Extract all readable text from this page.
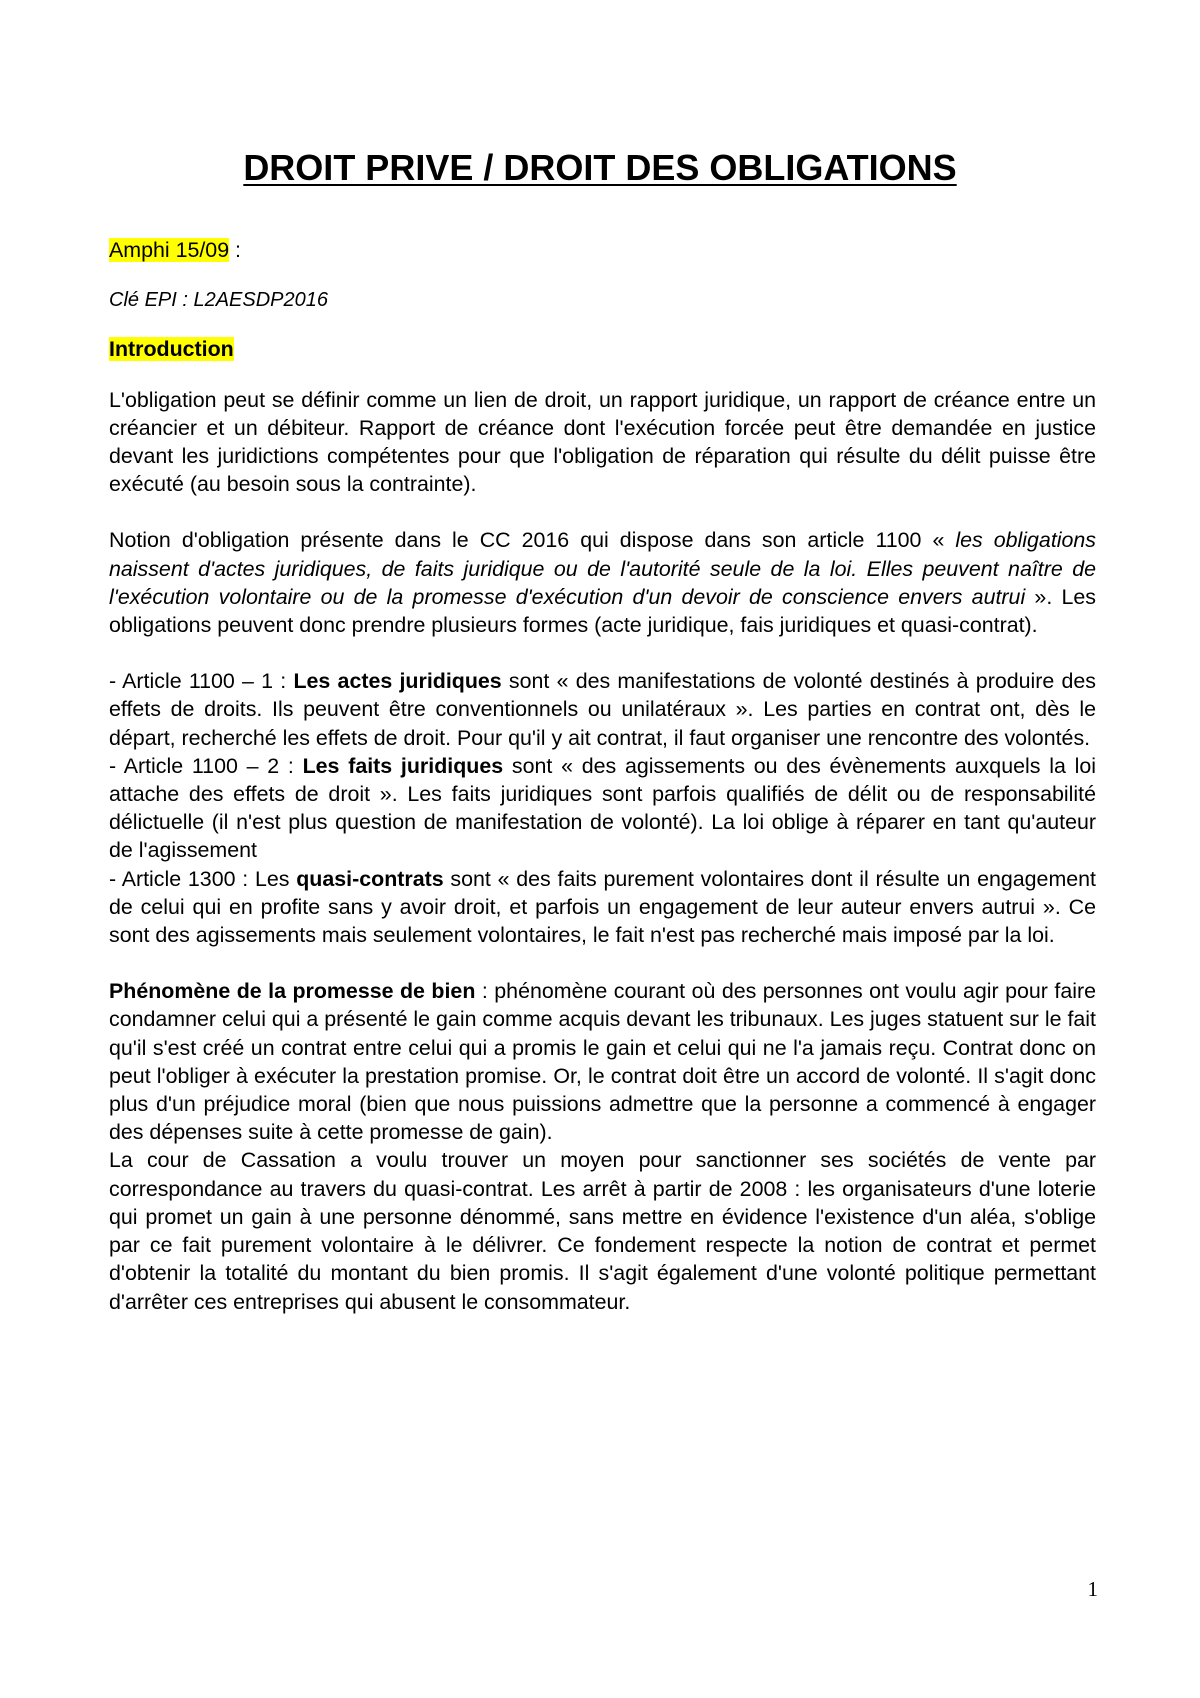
DROIT PRIVE / DROIT DES OBLIGATIONS

Amphi 15/09 :

Clé EPI : L2AESDP2016

Introduction

L'obligation peut se définir comme un lien de droit, un rapport juridique, un rapport de créance entre un créancier et un débiteur. Rapport de créance dont l'exécution forcée peut être demandée en justice devant les juridictions compétentes pour que l'obligation de réparation qui résulte du délit puisse être exécuté (au besoin sous la contrainte).

Notion d'obligation présente dans le CC 2016 qui dispose dans son article 1100 « les obligations naissent d'actes juridiques, de faits juridique ou de l'autorité seule de la loi. Elles peuvent naître de l'exécution volontaire ou de la promesse d'exécution d'un devoir de conscience envers autrui ». Les obligations peuvent donc prendre plusieurs formes (acte juridique, fais juridiques et quasi-contrat).

- Article 1100 – 1 : Les actes juridiques sont « des manifestations de volonté destinés à produire des effets de droits. Ils peuvent être conventionnels ou unilatéraux ». Les parties en contrat ont, dès le départ, recherché les effets de droit. Pour qu'il y ait contrat, il faut organiser une rencontre des volontés.

- Article 1100 – 2 : Les faits juridiques sont « des agissements ou des évènements auxquels la loi attache des effets de droit ». Les faits juridiques sont parfois qualifiés de délit ou de responsabilité délictuelle (il n'est plus question de manifestation de volonté). La loi oblige à réparer en tant qu'auteur de l'agissement

- Article 1300 : Les quasi-contrats sont « des faits purement volontaires dont il résulte un engagement de celui qui en profite sans y avoir droit, et parfois un engagement de leur auteur envers autrui ». Ce sont des agissements mais seulement volontaires, le fait n'est pas recherché mais imposé par la loi.

Phénomène de la promesse de bien : phénomène courant où des personnes ont voulu agir pour faire condamner celui qui a présenté le gain comme acquis devant les tribunaux. Les juges statuent sur le fait qu'il s'est créé un contrat entre celui qui a promis le gain et celui qui ne l'a jamais reçu. Contrat donc on peut l'obliger à exécuter la prestation promise. Or, le contrat doit être un accord de volonté. Il s'agit donc plus d'un préjudice moral (bien que nous puissions admettre que la personne a commencé à engager des dépenses suite à cette promesse de gain).

La cour de Cassation a voulu trouver un moyen pour sanctionner ses sociétés de vente par correspondance au travers du quasi-contrat. Les arrêt à partir de 2008 : les organisateurs d'une loterie qui promet un gain à une personne dénommé, sans mettre en évidence l'existence d'un aléa, s'oblige par ce fait purement volontaire à le délivrer. Ce fondement respecte la notion de contrat et permet d'obtenir la totalité du montant du bien promis. Il s'agit également d'une volonté politique permettant d'arrêter ces entreprises qui abusent le consommateur.

1
